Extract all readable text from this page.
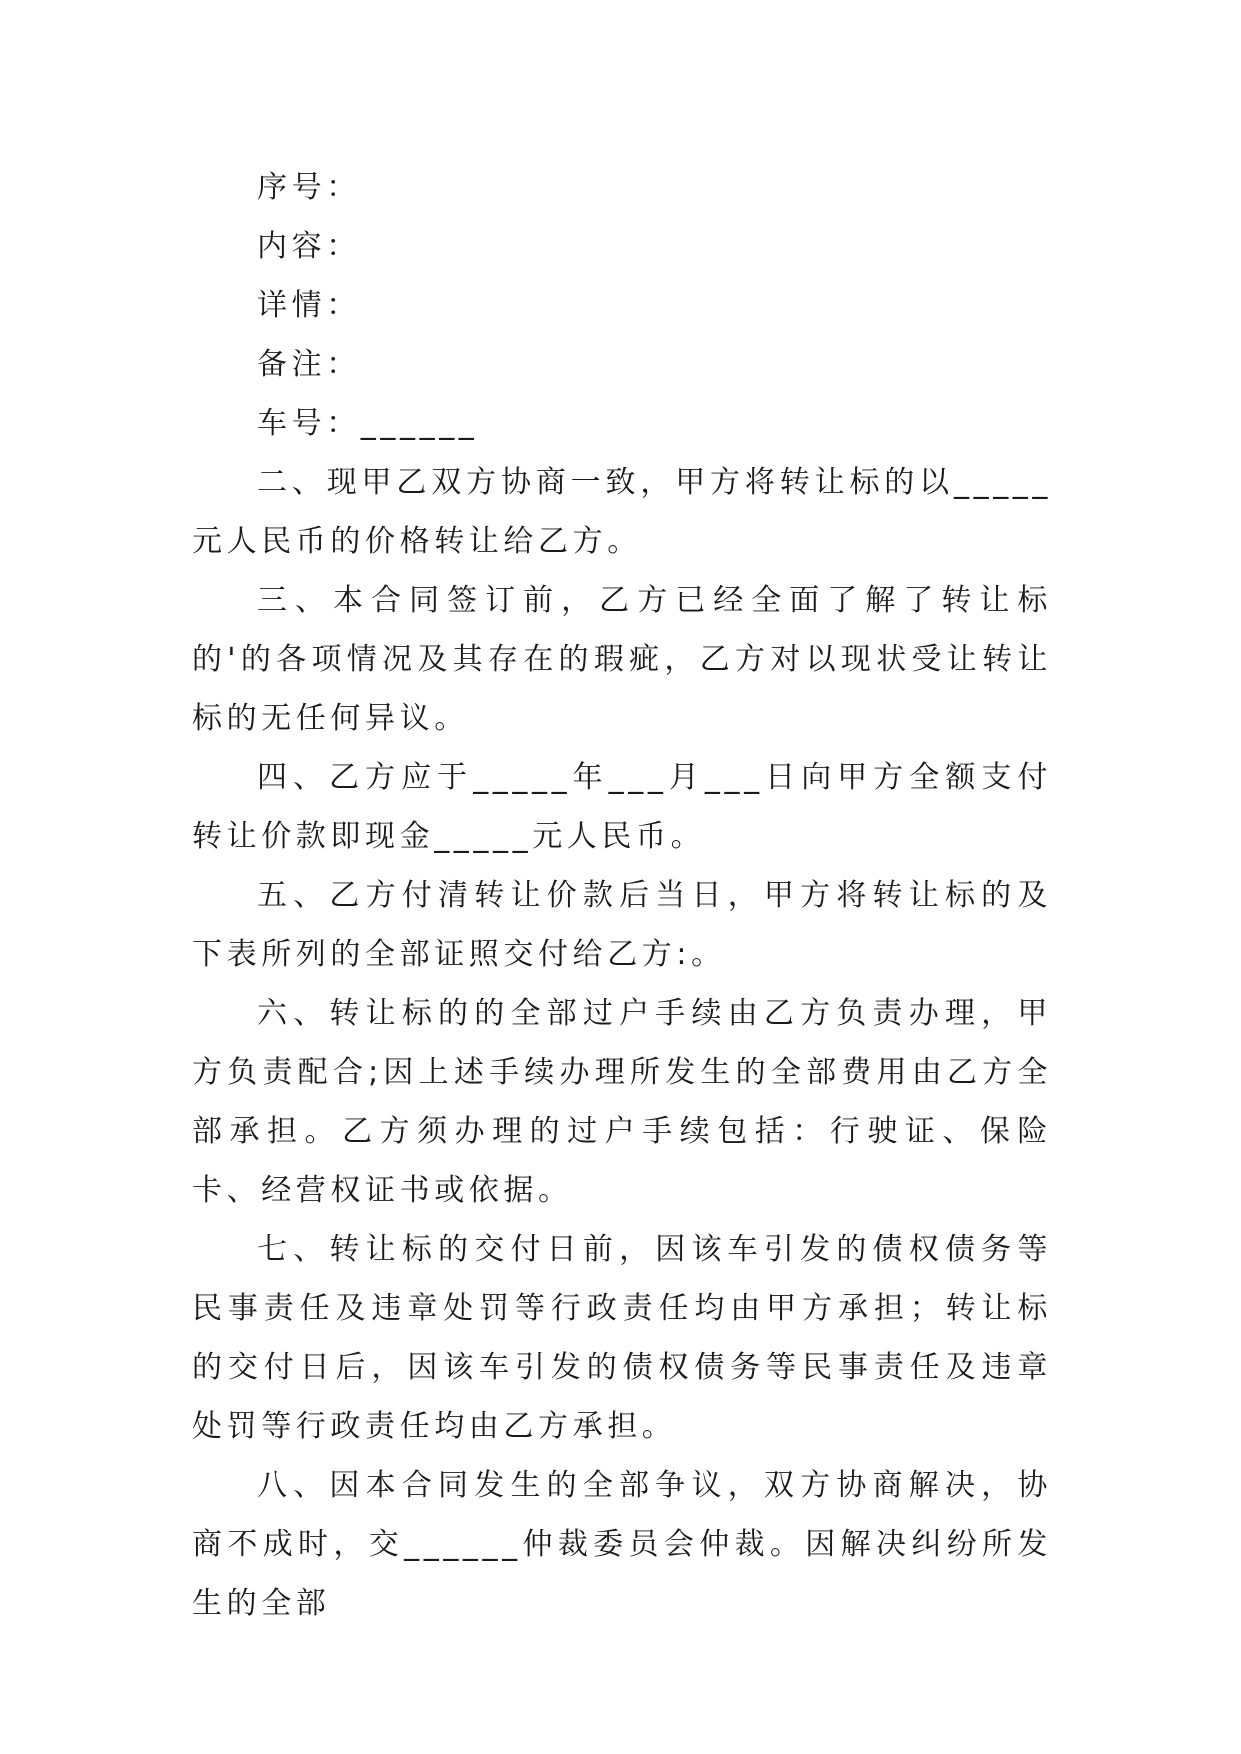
序号：

内容：

详情：

备注：

车号：______

二、现甲乙双方协商一致，甲方将转让标的以_____元人民币的价格转让给乙方。

三、本合同签订前，乙方已经全面了解了转让标的'的各项情况及其存在的瑕疵，乙方对以现状受让转让标的无任何异议。

四、乙方应于_____年___月___日向甲方全额支付转让价款即现金_____元人民币。

五、乙方付清转让价款后当日，甲方将转让标的及下表所列的全部证照交付给乙方:。

六、转让标的的全部过户手续由乙方负责办理，甲方负责配合;因上述手续办理所发生的全部费用由乙方全部承担。乙方须办理的过户手续包括：行驶证、保险卡、经营权证书或依据。

七、转让标的交付日前，因该车引发的债权债务等民事责任及违章处罚等行政责任均由甲方承担；转让标的交付日后，因该车引发的债权债务等民事责任及违章处罚等行政责任均由乙方承担。

八、因本合同发生的全部争议，双方协商解决，协商不成时，交______仲裁委员会仲裁。因解决纠纷所发生的全部
